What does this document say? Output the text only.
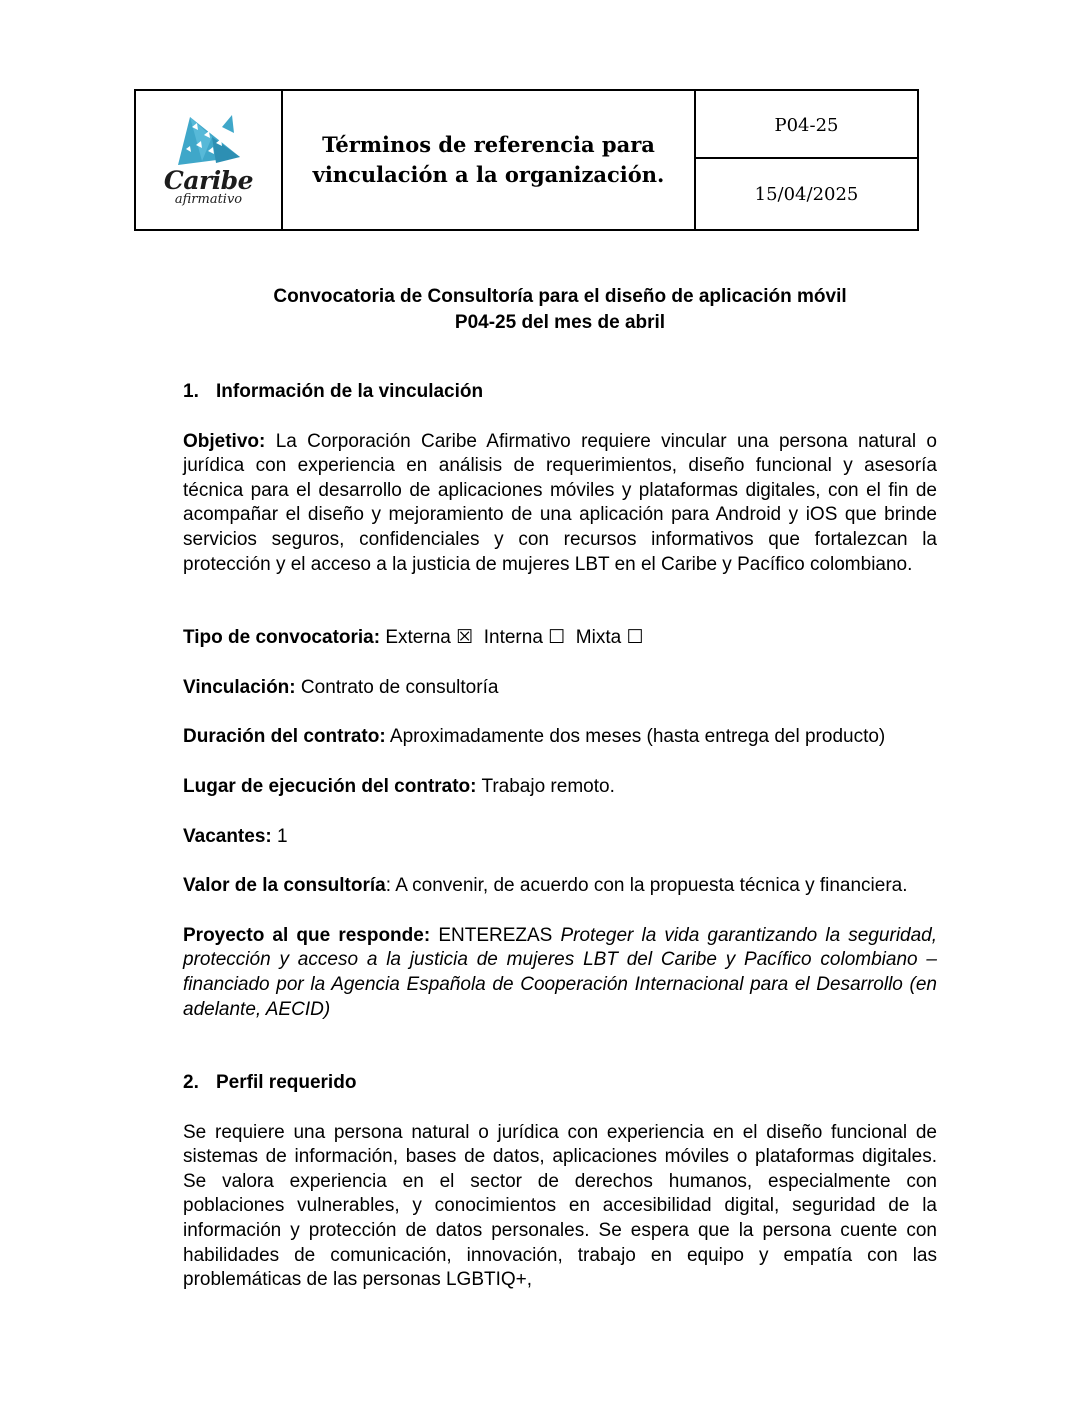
Caribe
afirmativo
Términos de referencia para vinculación a la organización.
P04-25
15/04/2025
Convocatoria de Consultoría para el diseño de aplicación móvil
P04-25 del mes de abril
1. Información de la vinculación

Objetivo: La Corporación Caribe Afirmativo requiere vincular una persona natural o jurídica con experiencia en análisis de requerimientos, diseño funcional y asesoría técnica para el desarrollo de aplicaciones móviles y plataformas digitales, con el fin de acompañar el diseño y mejoramiento de una aplicación para Android y iOS que brinde servicios seguros, confidenciales y con recursos informativos que fortalezcan la protección y el acceso a la justicia de mujeres LBT en el Caribe y Pacífico colombiano.

Tipo de convocatoria: Externa ☒ Interna ☐ Mixta ☐

Vinculación: Contrato de consultoría

Duración del contrato: Aproximadamente dos meses (hasta entrega del producto)

Lugar de ejecución del contrato: Trabajo remoto.

Vacantes: 1

Valor de la consultoría: A convenir, de acuerdo con la propuesta técnica y financiera.

Proyecto al que responde: ENTEREZAS Proteger la vida garantizando la seguridad, protección y acceso a la justicia de mujeres LBT del Caribe y Pacífico colombiano – financiado por la Agencia Española de Cooperación Internacional para el Desarrollo (en adelante, AECID)

2. Perfil requerido

Se requiere una persona natural o jurídica con experiencia en el diseño funcional de sistemas de información, bases de datos, aplicaciones móviles o plataformas digitales. Se valora experiencia en el sector de derechos humanos, especialmente con poblaciones vulnerables, y conocimientos en accesibilidad digital, seguridad de la información y protección de datos personales. Se espera que la persona cuente con habilidades de comunicación, innovación, trabajo en equipo y empatía con las problemáticas de las personas LGBTIQ+,
